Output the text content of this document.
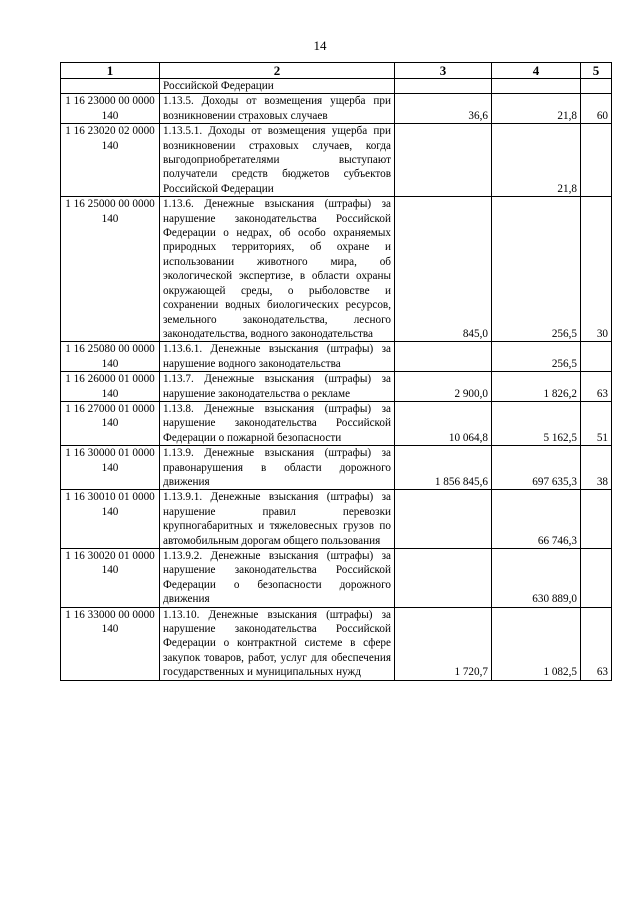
14
1	2	3	4	5
	Российской Федерации			
1 16 23000 00 0000 140	1.13.5. Доходы от возмещения ущерба при возникновении страховых случаев	36,6	21,8	60
1 16 23020 02 0000 140	1.13.5.1. Доходы от возмещения ущерба при возникновении страховых случаев, когда выгодоприобретателями выступают получатели средств бюджетов субъектов Российской Федерации		21,8	
1 16 25000 00 0000 140	1.13.6. Денежные взыскания (штрафы) за нарушение законодательства Российской Федерации о недрах, об особо охраняемых природных территориях, об охране и использовании животного мира, об экологической экспертизе, в области охраны окружающей среды, о рыболовстве и сохранении водных биологических ресурсов, земельного законодательства, лесного законодательства, водного законодательства	845,0	256,5	30
1 16 25080 00 0000 140	1.13.6.1. Денежные взыскания (штрафы) за нарушение водного законодательства		256,5	
1 16 26000 01 0000 140	1.13.7. Денежные взыскания (штрафы) за нарушение законодательства о рекламе	2 900,0	1 826,2	63
1 16 27000 01 0000 140	1.13.8. Денежные взыскания (штрафы) за нарушение законодательства Российской Федерации о пожарной безопасности	10 064,8	5 162,5	51
1 16 30000 01 0000 140	1.13.9. Денежные взыскания (штрафы) за правонарушения в области дорожного движения	1 856 845,6	697 635,3	38
1 16 30010 01 0000 140	1.13.9.1. Денежные взыскания (штрафы) за нарушение правил перевозки крупногабаритных и тяжеловесных грузов по автомобильным дорогам общего пользования		66 746,3	
1 16 30020 01 0000 140	1.13.9.2. Денежные взыскания (штрафы) за нарушение законодательства Российской Федерации о безопасности дорожного движения		630 889,0	
1 16 33000 00 0000 140	1.13.10. Денежные взыскания (штрафы) за нарушение законодательства Российской Федерации о контрактной системе в сфере закупок товаров, работ, услуг для обеспечения государственных и муниципальных нужд	1 720,7	1 082,5	63
